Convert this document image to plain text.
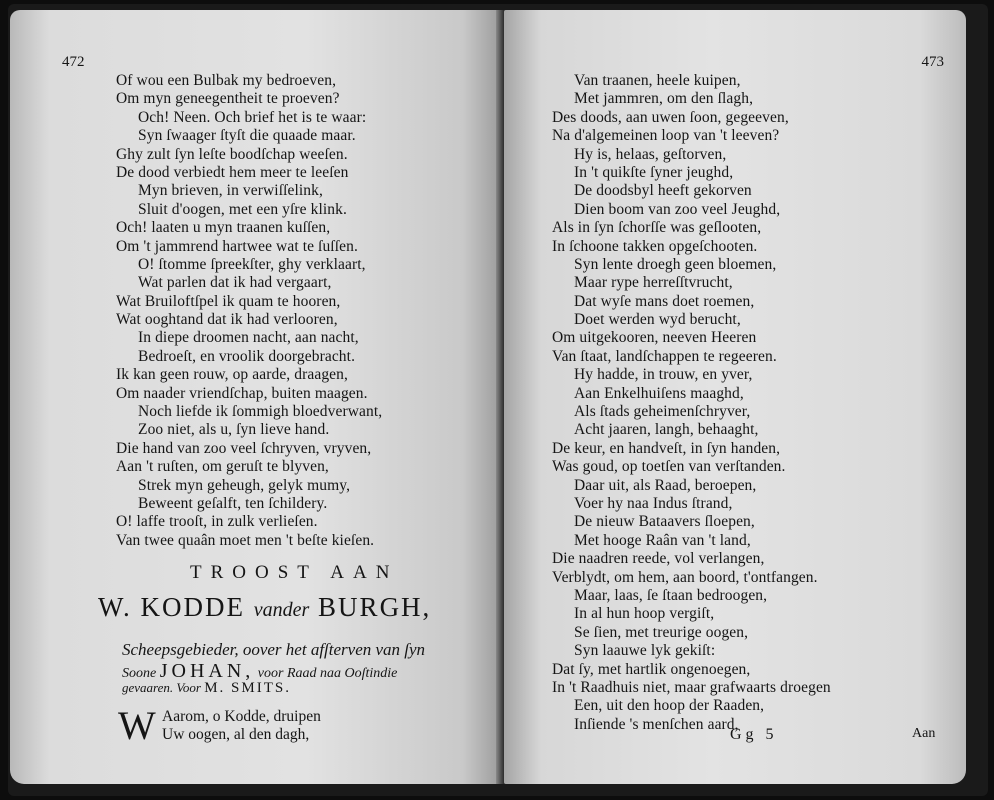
472
Of wou een Bulbak my bedroeven,
Om myn geneegentheit te proeven?
Och! Neen. Och brief het is te waar:
Syn ſwaager ſtyſt die quaade maar.
Ghy zult ſyn leſte boodſchap weeſen.
De dood verbiedt hem meer te leeſen
Myn brieven, in verwiſſelink,
Sluit d'oogen, met een yſre klink.
Och! laaten u myn traanen kuſſen,
Om 't jammrend hartwee wat te ſuſſen.
O! ſtomme ſpreekſter, ghy verklaart,
Wat parlen dat ik had vergaart,
Wat Bruiloftſpel ik quam te hooren,
Wat ooghtand dat ik had verlooren,
In diepe droomen nacht, aan nacht,
Bedroeſt, en vroolik doorgebracht.
Ik kan geen rouw, op aarde, draagen,
Om naader vriendſchap, buiten maagen.
Noch liefde ik ſommigh bloedverwant,
Zoo niet, als u, ſyn lieve hand.
Die hand van zoo veel ſchryven, vryven,
Aan 't ruſten, om geruſt te blyven,
Strek myn geheugh, gelyk mumy,
Beweent geſalft, ten ſchildery.
O! laffe trooſt, in zulk verlieſen.
Van twee quaân moet men 't beſte kieſen.
TROOST AAN
W. KODDE vander BURGH,
Scheepsgebieder, oover het afſterven van ſyn
Soone JOHAN, voor Raad naa Ooſtindie
gevaaren. Voor M. SMITS.
W Aarom, o Kodde, druipen
Uw oogen, al den dagh,
473
Van traanen, heele kuipen,
Met jammren, om den ſlagh,
Des doods, aan uwen ſoon, gegeeven,
Na d'algemeinen loop van 't leeven?
Hy is, helaas, geſtorven,
In 't quikſte ſyner jeughd,
De doodsbyl heeft gekorven
Dien boom van zoo veel Jeughd,
Als in ſyn ſchorſſe was geſlooten,
In ſchoone takken opgeſchooten.
Syn lente droegh geen bloemen,
Maar rype herreſſtvrucht,
Dat wyſe mans doet roemen,
Doet werden wyd berucht,
Om uitgekooren, neeven Heeren
Van ſtaat, landſchappen te regeeren.
Hy hadde, in trouw, en yver,
Aan Enkelhuiſens maaghd,
Als ſtads geheimenſchryver,
Acht jaaren, langh, behaaght,
De keur, en handveſt, in ſyn handen,
Was goud, op toetſen van verſtanden.
Daar uit, als Raad, beroepen,
Voer hy naa Indus ſtrand,
De nieuw Bataavers ſloepen,
Met hooge Raân van 't land,
Die naadren reede, vol verlangen,
Verblydt, om hem, aan boord, t'ontfangen.
Maar, laas, ſe ſtaan bedroogen,
In al hun hoop vergiſt,
Se ſien, met treurige oogen,
Syn laauwe lyk gekiſt:
Dat ſy, met hartlik ongenoegen,
In 't Raadhuis niet, maar grafwaarts droegen
Een, uit den hoop der Raaden,
Inſiende 's menſchen aard,
Gg 5	Aan
